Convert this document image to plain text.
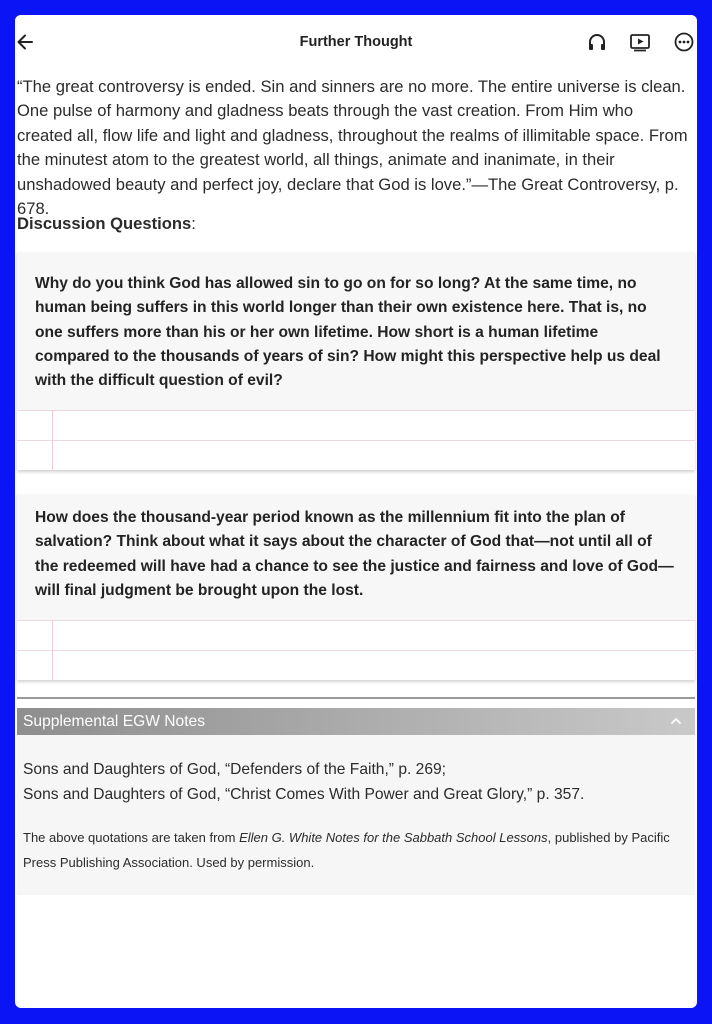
Further Thought

“The great controversy is ended. Sin and sinners are no more. The entire universe is clean. One pulse of harmony and gladness beats through the vast creation. From Him who created all, flow life and light and gladness, throughout the realms of illimitable space. From the minutest atom to the greatest world, all things, animate and inanimate, in their unshadowed beauty and perfect joy, declare that God is love.”—The Great Controversy, p. 678.

Discussion Questions:

Why do you think God has allowed sin to go on for so long? At the same time, no human being suffers in this world longer than their own existence here. That is, no one suffers more than his or her own lifetime. How short is a human lifetime compared to the thousands of years of sin? How might this perspective help us deal with the difficult question of evil?

How does the thousand-year period known as the millennium fit into the plan of salvation? Think about what it says about the character of God that—not until all of the redeemed will have had a chance to see the justice and fairness and love of God—will final judgment be brought upon the lost.

Supplemental EGW Notes
Sons and Daughters of God, “Defenders of the Faith,” p. 269;
Sons and Daughters of God, “Christ Comes With Power and Great Glory,” p. 357.

The above quotations are taken from Ellen G. White Notes for the Sabbath School Lessons, published by Pacific Press Publishing Association. Used by permission.
